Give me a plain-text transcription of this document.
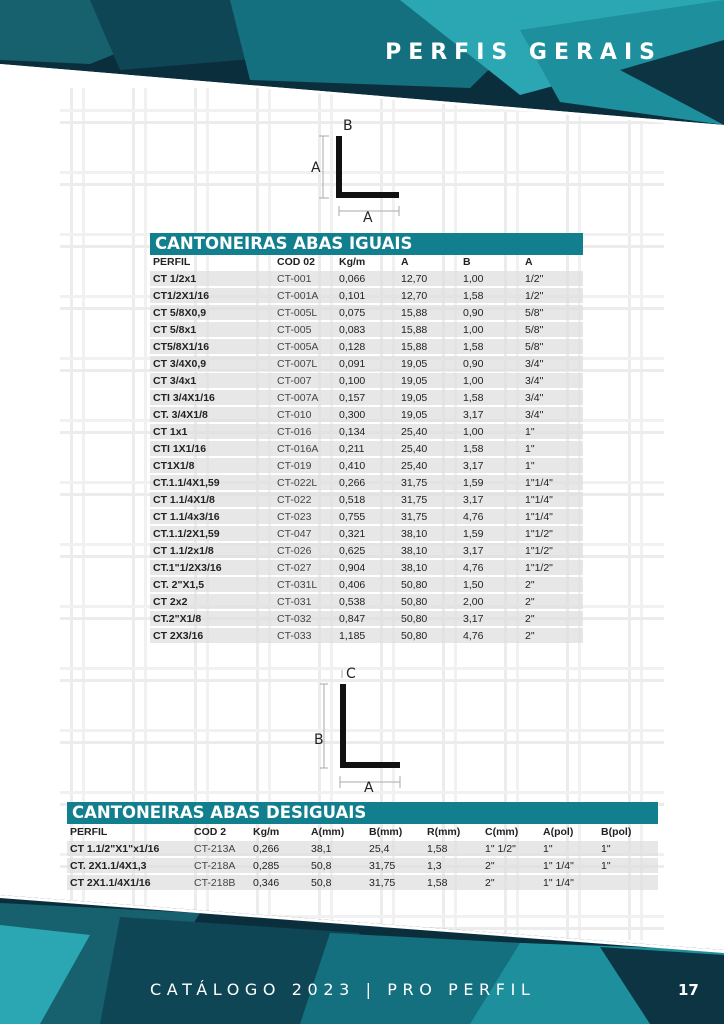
PERFIS GERAIS
B
A
A
CANTONEIRAS ABAS IGUAIS
PERFIL	COD 02	Kg/m	A	B	A
CT 1/2x1	CT-001	0,066	12,70	1,00	1/2"
CT1/2X1/16	CT-001A	0,101	12,70	1,58	1/2"
CT 5/8X0,9	CT-005L	0,075	15,88	0,90	5/8"
CT 5/8x1	CT-005	0,083	15,88	1,00	5/8"
CT5/8X1/16	CT-005A	0,128	15,88	1,58	5/8"
CT 3/4X0,9	CT-007L	0,091	19,05	0,90	3/4"
CT 3/4x1	CT-007	0,100	19,05	1,00	3/4"
CTI 3/4X1/16	CT-007A	0,157	19,05	1,58	3/4"
CT. 3/4X1/8	CT-010	0,300	19,05	3,17	3/4"
CT 1x1	CT-016	0,134	25,40	1,00	1"
CTI 1X1/16	CT-016A	0,211	25,40	1,58	1"
CT1X1/8	CT-019	0,410	25,40	3,17	1"
CT.1.1/4X1,59	CT-022L	0,266	31,75	1,59	1"1/4"
CT 1.1/4X1/8	CT-022	0,518	31,75	3,17	1"1/4"
CT 1.1/4x3/16	CT-023	0,755	31,75	4,76	1"1/4"
CT.1.1/2X1,59	CT-047	0,321	38,10	1,59	1"1/2"
CT 1.1/2x1/8	CT-026	0,625	38,10	3,17	1"1/2"
CT.1"1/2X3/16	CT-027	0,904	38,10	4,76	1"1/2"
CT. 2"X1,5	CT-031L	0,406	50,80	1,50	2"
CT 2x2	CT-031	0,538	50,80	2,00	2"
CT.2"X1/8	CT-032	0,847	50,80	3,17	2"
CT 2X3/16	CT-033	1,185	50,80	4,76	2"
C
B
A
CANTONEIRAS ABAS DESIGUAIS
PERFIL	COD 2	Kg/m	A(mm)	B(mm)	R(mm)	C(mm)	A(pol)	B(pol)
CT 1.1/2"X1"x1/16	CT-213A	0,266	38,1	25,4	1,58	1" 1/2"	1"	1"
CT. 2X1.1/4X1,3	CT-218A	0,285	50,8	31,75	1,3	2"	1" 1/4"	1"
CT 2X1.1/4X1/16	CT-218B	0,346	50,8	31,75	1,58	2"	1" 1/4"	
CATÁLOGO 2023 | PRO PERFIL	17
